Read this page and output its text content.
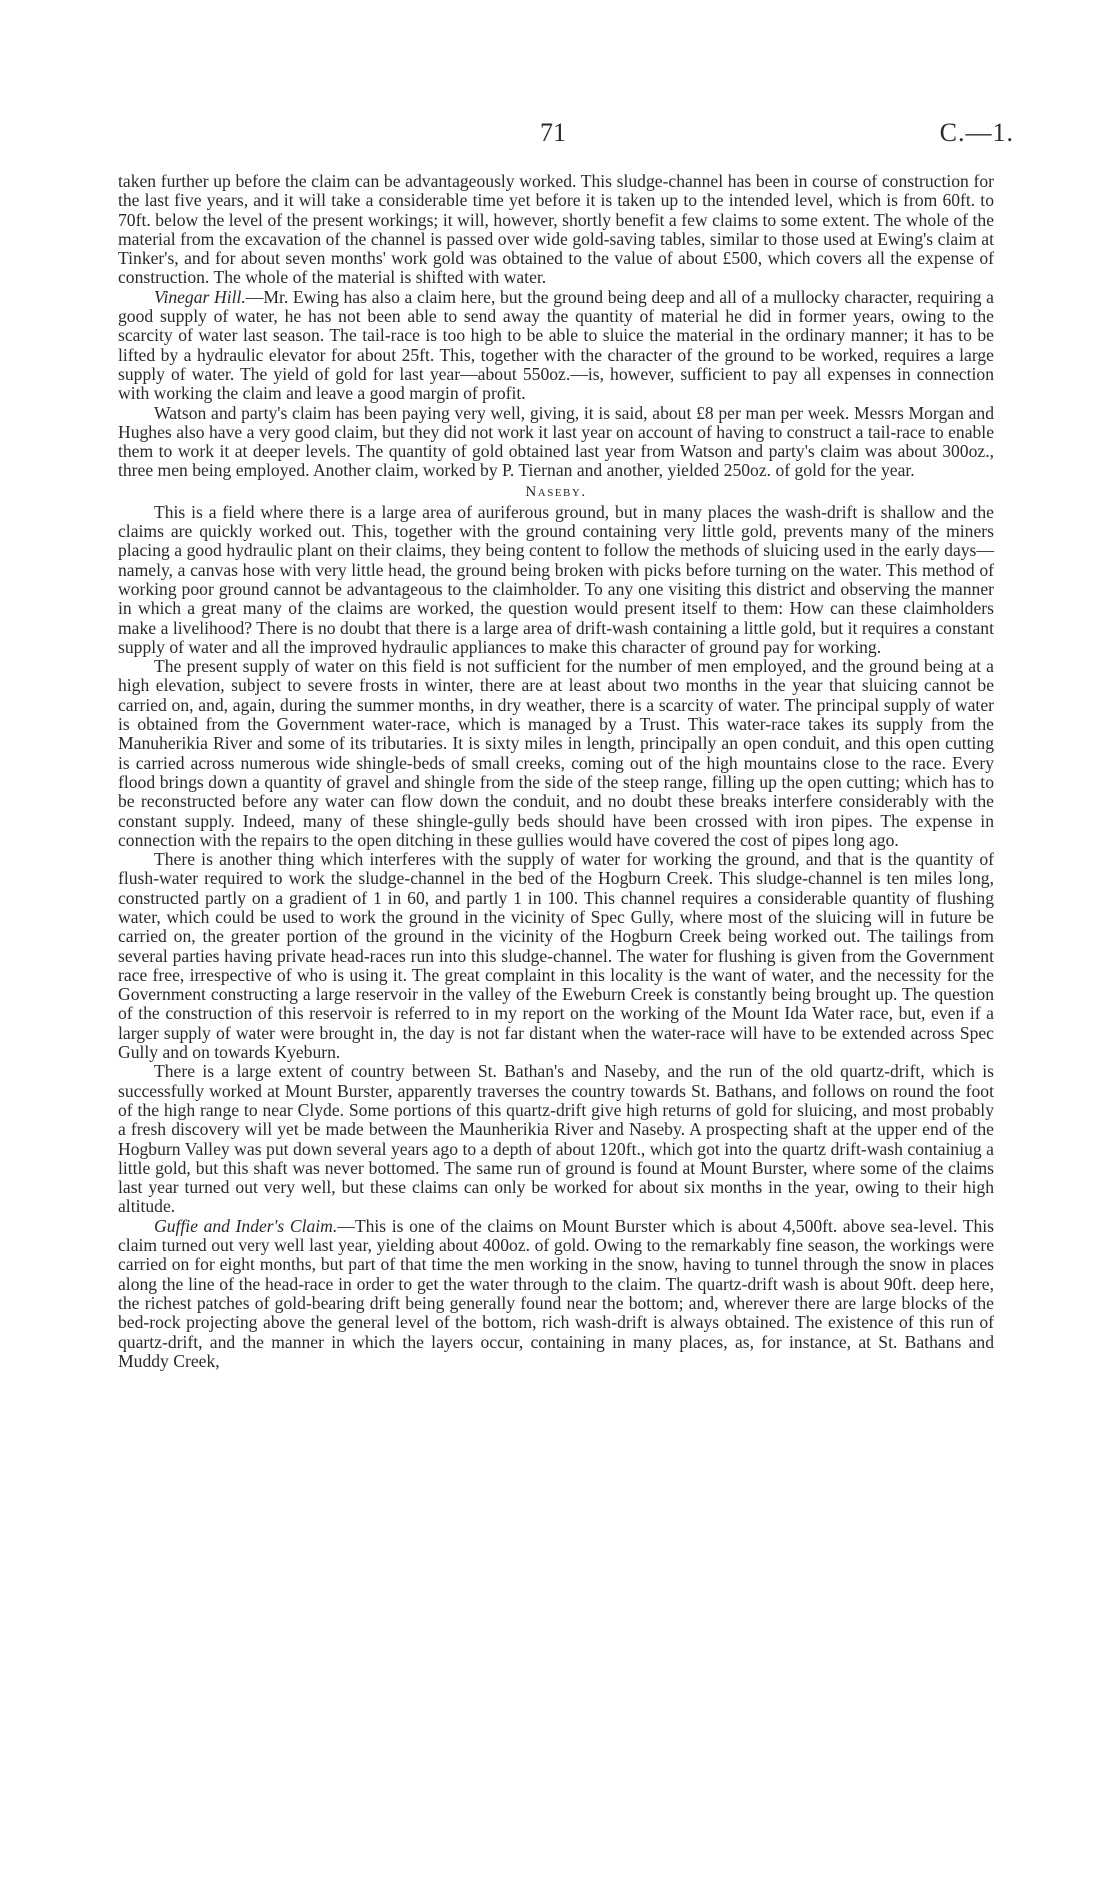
71	C.—1.

taken further up before the claim can be advantageously worked. This sludge-channel has been in course of construction for the last five years, and it will take a considerable time yet before it is taken up to the intended level, which is from 60ft. to 70ft. below the level of the present workings; it will, however, shortly benefit a few claims to some extent. The whole of the material from the excavation of the channel is passed over wide gold-saving tables, similar to those used at Ewing's claim at Tinker's, and for about seven months' work gold was obtained to the value of about £500, which covers all the expense of construction. The whole of the material is shifted with water.

Vinegar Hill.—Mr. Ewing has also a claim here, but the ground being deep and all of a mullocky character, requiring a good supply of water, he has not been able to send away the quantity of material he did in former years, owing to the scarcity of water last season. The tail-race is too high to be able to sluice the material in the ordinary manner; it has to be lifted by a hydraulic elevator for about 25ft. This, together with the character of the ground to be worked, requires a large supply of water. The yield of gold for last year—about 550oz.—is, however, sufficient to pay all expenses in connection with working the claim and leave a good margin of profit.

Watson and party's claim has been paying very well, giving, it is said, about £8 per man per week. Messrs Morgan and Hughes also have a very good claim, but they did not work it last year on account of having to construct a tail-race to enable them to work it at deeper levels. The quantity of gold obtained last year from Watson and party's claim was about 300oz., three men being employed. Another claim, worked by P. Tiernan and another, yielded 250oz. of gold for the year.

Naseby.

This is a field where there is a large area of auriferous ground, but in many places the wash-drift is shallow and the claims are quickly worked out. This, together with the ground containing very little gold, prevents many of the miners placing a good hydraulic plant on their claims, they being content to follow the methods of sluicing used in the early days—namely, a canvas hose with very little head, the ground being broken with picks before turning on the water. This method of working poor ground cannot be advantageous to the claimholder. To any one visiting this district and observing the manner in which a great many of the claims are worked, the question would present itself to them: How can these claimholders make a livelihood? There is no doubt that there is a large area of drift-wash containing a little gold, but it requires a constant supply of water and all the improved hydraulic appliances to make this character of ground pay for working.

The present supply of water on this field is not sufficient for the number of men employed, and the ground being at a high elevation, subject to severe frosts in winter, there are at least about two months in the year that sluicing cannot be carried on, and, again, during the summer months, in dry weather, there is a scarcity of water. The principal supply of water is obtained from the Government water-race, which is managed by a Trust. This water-race takes its supply from the Manuherikia River and some of its tributaries. It is sixty miles in length, principally an open conduit, and this open cutting is carried across numerous wide shingle-beds of small creeks, coming out of the high mountains close to the race. Every flood brings down a quantity of gravel and shingle from the side of the steep range, filling up the open cutting; which has to be reconstructed before any water can flow down the conduit, and no doubt these breaks interfere considerably with the constant supply. Indeed, many of these shingle-gully beds should have been crossed with iron pipes. The expense in connection with the repairs to the open ditching in these gullies would have covered the cost of pipes long ago.

There is another thing which interferes with the supply of water for working the ground, and that is the quantity of flush-water required to work the sludge-channel in the bed of the Hogburn Creek. This sludge-channel is ten miles long, constructed partly on a gradient of 1 in 60, and partly 1 in 100. This channel requires a considerable quantity of flushing water, which could be used to work the ground in the vicinity of Spec Gully, where most of the sluicing will in future be carried on, the greater portion of the ground in the vicinity of the Hogburn Creek being worked out. The tailings from several parties having private head-races run into this sludge-channel. The water for flushing is given from the Government race free, irrespective of who is using it. The great complaint in this locality is the want of water, and the necessity for the Government constructing a large reservoir in the valley of the Eweburn Creek is constantly being brought up. The question of the construction of this reservoir is referred to in my report on the working of the Mount Ida Water race, but, even if a larger supply of water were brought in, the day is not far distant when the water-race will have to be extended across Spec Gully and on towards Kyeburn.

There is a large extent of country between St. Bathan's and Naseby, and the run of the old quartz-drift, which is successfully worked at Mount Burster, apparently traverses the country towards St. Bathans, and follows on round the foot of the high range to near Clyde. Some portions of this quartz-drift give high returns of gold for sluicing, and most probably a fresh discovery will yet be made between the Maunherikia River and Naseby. A prospecting shaft at the upper end of the Hogburn Valley was put down several years ago to a depth of about 120ft., which got into the quartz drift-wash containiug a little gold, but this shaft was never bottomed. The same run of ground is found at Mount Burster, where some of the claims last year turned out very well, but these claims can only be worked for about six months in the year, owing to their high altitude.

Guffie and Inder's Claim.—This is one of the claims on Mount Burster which is about 4,500ft. above sea-level. This claim turned out very well last year, yielding about 400oz. of gold. Owing to the remarkably fine season, the workings were carried on for eight months, but part of that time the men working in the snow, having to tunnel through the snow in places along the line of the head-race in order to get the water through to the claim. The quartz-drift wash is about 90ft. deep here, the richest patches of gold-bearing drift being generally found near the bottom; and, wherever there are large blocks of the bed-rock projecting above the general level of the bottom, rich wash-drift is always obtained. The existence of this run of quartz-drift, and the manner in which the layers occur, containing in many places, as, for instance, at St. Bathans and Muddy Creek,
